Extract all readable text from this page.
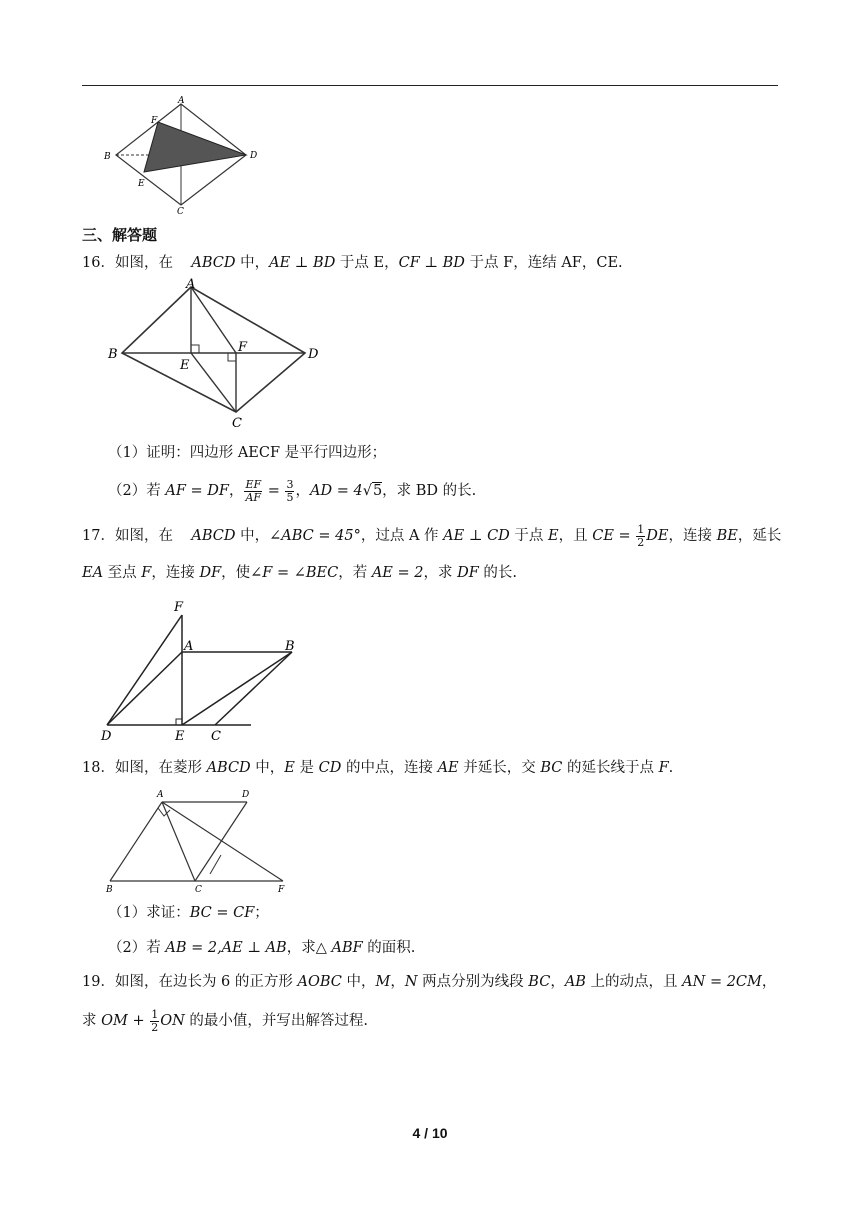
A
B
C
D
E
F
三、解答题
16．如图，在 ABCD 中，AE ⊥ BD 于点 E，CF ⊥ BD 于点 F，连结 AF，CE.
A
B
C
D
E
F
（1）证明：四边形 AECF 是平行四边形；
（2）若 AF = DF， $\frac{EF}{AF} = \frac{3}{5}$ ，AD = 4√5，求 BD 的长.
17．如图，在 ABCD 中，∠ABC = 45°，过点 A 作 AE ⊥ CD 于点 E，且 CE = $\frac{1}{2}$ DE，连接 BE，延长
EA 至点 F，连接 DF，使∠F = ∠BEC，若 AE = 2，求 DF 的长.
F
A	B
D	E C
18．如图，在菱形 ABCD 中，E 是 CD 的中点，连接 AE 并延长，交 BC 的延长线于点 F.
A	D
B	C	F
（1）求证：BC = CF；
（2）若 AB = 2,AE ⊥ AB，求△ ABF 的面积.
19．如图，在边长为 6 的正方形 AOBC 中，M，N 两点分别为线段 BC，AB 上的动点，且 AN = 2CM，
求 OM + $\frac{1}{2}$ ON 的最小值，并写出解答过程.
4 / 10
